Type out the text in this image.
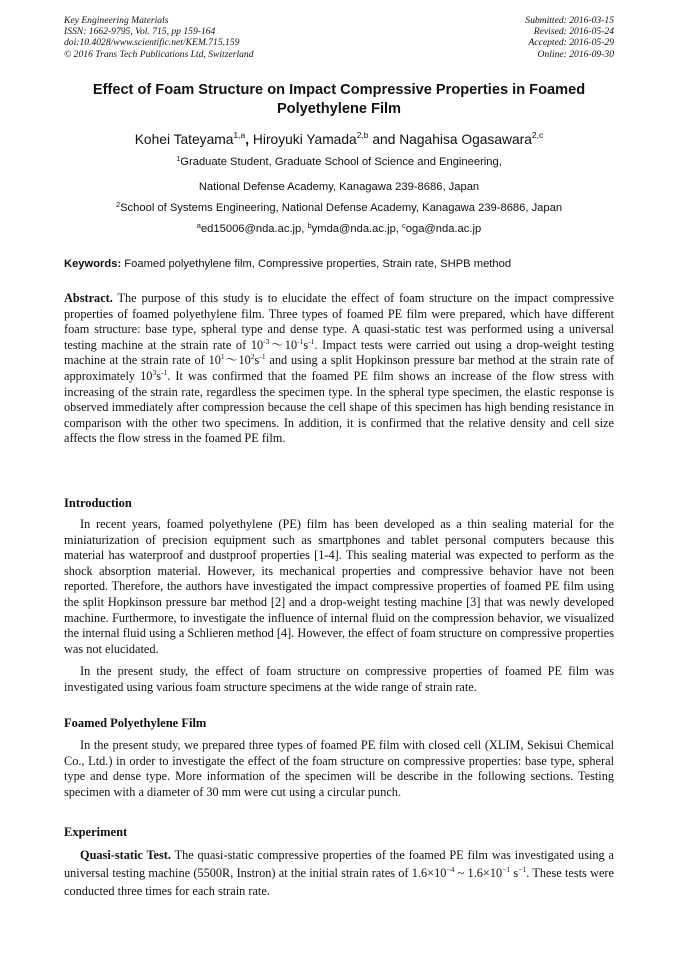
Key Engineering Materials
ISSN: 1662-9795, Vol. 715, pp 159-164
doi:10.4028/www.scientific.net/KEM.715.159
© 2016 Trans Tech Publications Ltd, Switzerland
Submitted: 2016-03-15
Revised: 2016-05-24
Accepted: 2016-05-29
Online: 2016-09-30
Effect of Foam Structure on Impact Compressive Properties in Foamed
Polyethylene Film
Kohei Tateyama$^{1,a}$, Hiroyuki Yamada$^{2,b}$ and Nagahisa Ogasawara$^{2,c}$
$^1$Graduate Student, Graduate School of Science and Engineering,
National Defense Academy, Kanagawa 239-8686, Japan
$^2$School of Systems Engineering, National Defense Academy, Kanagawa 239-8686, Japan
$^a$ed15006@nda.ac.jp, $^b$ymda@nda.ac.jp, $^c$oga@nda.ac.jp
Keywords: Foamed polyethylene film, Compressive properties, Strain rate, SHPB method
Abstract. The purpose of this study is to elucidate the effect of foam structure on the impact compressive properties of foamed polyethylene film. Three types of foamed PE film were prepared, which have different foam structure: base type, spheral type and dense type. A quasi-static test was performed using a universal testing machine at the strain rate of $10^{-3}\sim 10^{-1}s^{-1}$. Impact tests were carried out using a drop-weight testing machine at the strain rate of $10^1\sim 10^2s^{-1}$ and using a split Hopkinson pressure bar method at the strain rate of approximately $10^3s^{-1}$. It was confirmed that the foamed PE film shows an increase of the flow stress with increasing of the strain rate, regardless the specimen type. In the spheral type specimen, the elastic response is observed immediately after compression because the cell shape of this specimen has high bending resistance in comparison with the other two specimens. In addition, it is confirmed that the relative density and cell size affects the flow stress in the foamed PE film.
Introduction
In recent years, foamed polyethylene (PE) film has been developed as a thin sealing material for the miniaturization of precision equipment such as smartphones and tablet personal computers because this material has waterproof and dustproof properties [1-4]. This sealing material was expected to perform as the shock absorption material. However, its mechanical properties and compressive behavior have not been reported. Therefore, the authors have investigated the impact compressive properties of foamed PE film using the split Hopkinson pressure bar method [2] and a drop-weight testing machine [3] that was newly developed machine. Furthermore, to investigate the influence of internal fluid on the compression behavior, we visualized the internal fluid using a Schlieren method [4]. However, the effect of foam structure on compressive properties was not elucidated.
In the present study, the effect of foam structure on compressive properties of foamed PE film was investigated using various foam structure specimens at the wide range of strain rate.
Foamed Polyethylene Film
In the present study, we prepared three types of foamed PE film with closed cell (XLIM, Sekisui Chemical Co., Ltd.) in order to investigate the effect of the foam structure on compressive properties: base type, spheral type and dense type. More information of the specimen will be describe in the following sections. Testing specimen with a diameter of 30 mm were cut using a circular punch.
Experiment
Quasi-static Test. The quasi-static compressive properties of the foamed PE film was investigated using a universal testing machine (5500R, Instron) at the initial strain rates of $1.6\times 10^{-4}$ ~ $1.6\times 10^{-1}$ $s^{-1}$. These tests were conducted three times for each strain rate.
